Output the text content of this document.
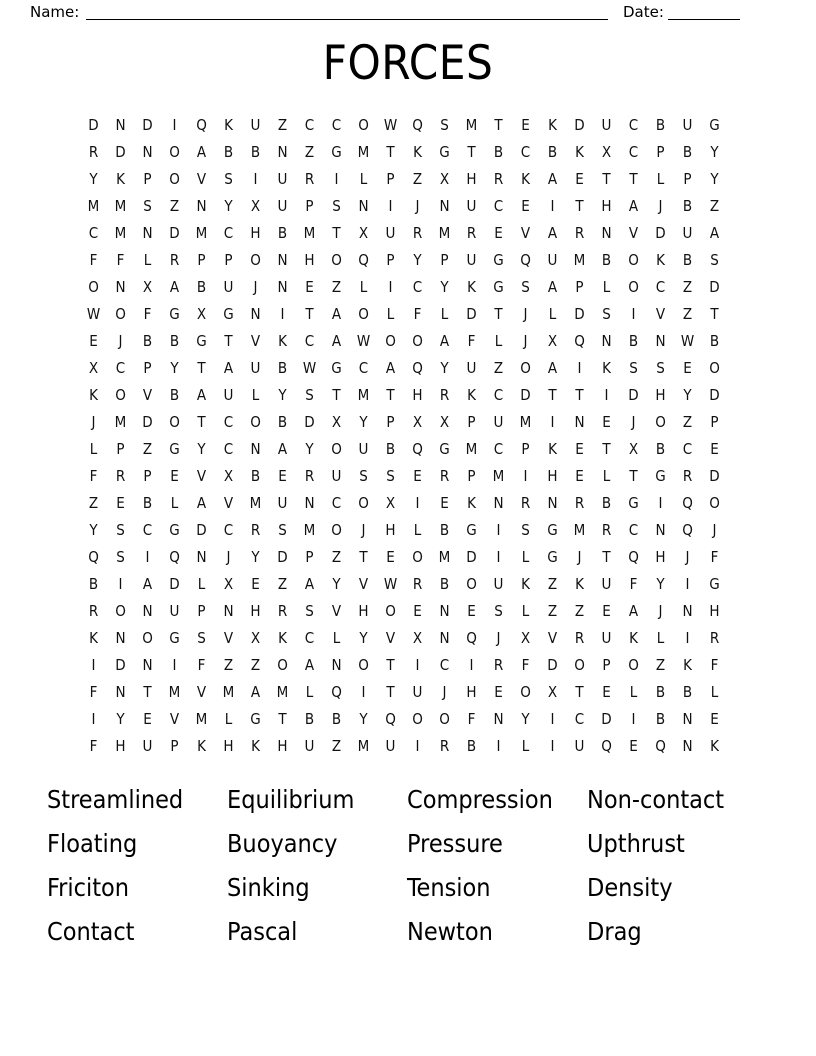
Name:	Date:
FORCES
D	N	D	I	Q	K	U	Z	C	C	O	W	Q	S	M	T	E	K	D	U	C	B	U	G
R	D	N	O	A	B	B	N	Z	G	M	T	K	G	T	B	C	B	K	X	C	P	B	Y
Y	K	P	O	V	S	I	U	R	I	L	P	Z	X	H	R	K	A	E	T	T	L	P	Y
M	M	S	Z	N	Y	X	U	P	S	N	I	J	N	U	C	E	I	T	H	A	J	B	Z
C	M	N	D	M	C	H	B	M	T	X	U	R	M	R	E	V	A	R	N	V	D	U	A
F	F	L	R	P	P	O	N	H	O	Q	P	Y	P	U	G	Q	U	M	B	O	K	B	S
O	N	X	A	B	U	J	N	E	Z	L	I	C	Y	K	G	S	A	P	L	O	C	Z	D
W	O	F	G	X	G	N	I	T	A	O	L	F	L	D	T	J	L	D	S	I	V	Z	T
E	J	B	B	G	T	V	K	C	A	W	O	O	A	F	L	J	X	Q	N	B	N	W	B
X	C	P	Y	T	A	U	B	W	G	C	A	Q	Y	U	Z	O	A	I	K	S	S	E	O
K	O	V	B	A	U	L	Y	S	T	M	T	H	R	K	C	D	T	T	I	D	H	Y	D
J	M	D	O	T	C	O	B	D	X	Y	P	X	X	P	U	M	I	N	E	J	O	Z	P
L	P	Z	G	Y	C	N	A	Y	O	U	B	Q	G	M	C	P	K	E	T	X	B	C	E
F	R	P	E	V	X	B	E	R	U	S	S	E	R	P	M	I	H	E	L	T	G	R	D
Z	E	B	L	A	V	M	U	N	C	O	X	I	E	K	N	R	N	R	B	G	I	Q	O
Y	S	C	G	D	C	R	S	M	O	J	H	L	B	G	I	S	G	M	R	C	N	Q	J
Q	S	I	Q	N	J	Y	D	P	Z	T	E	O	M	D	I	L	G	J	T	Q	H	J	F
B	I	A	D	L	X	E	Z	A	Y	V	W	R	B	O	U	K	Z	K	U	F	Y	I	G
R	O	N	U	P	N	H	R	S	V	H	O	E	N	E	S	L	Z	Z	E	A	J	N	H
K	N	O	G	S	V	X	K	C	L	Y	V	X	N	Q	J	X	V	R	U	K	L	I	R
I	D	N	I	F	Z	Z	O	A	N	O	T	I	C	I	R	F	D	O	P	O	Z	K	F
F	N	T	M	V	M	A	M	L	Q	I	T	U	J	H	E	O	X	T	E	L	B	B	L
I	Y	E	V	M	L	G	T	B	B	Y	Q	O	O	F	N	Y	I	C	D	I	B	N	E
F	H	U	P	K	H	K	H	U	Z	M	U	I	R	B	I	L	I	U	Q	E	Q	N	K
Streamlined	Equilibrium	Compression	Non-contact
Floating	Buoyancy	Pressure	Upthrust
Friciton	Sinking	Tension	Density
Contact	Pascal	Newton	Drag
